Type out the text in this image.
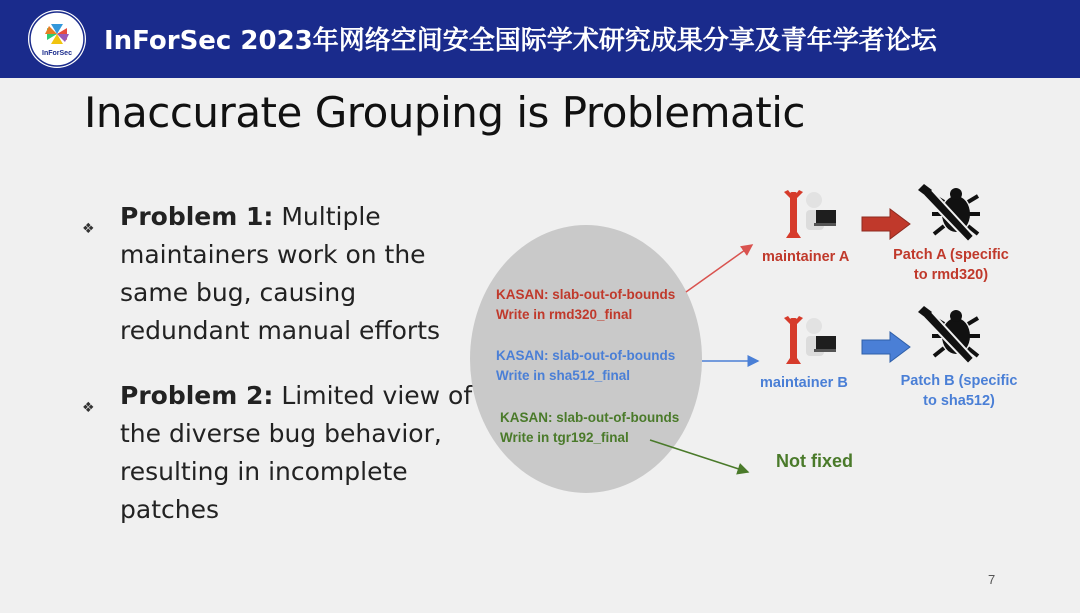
InForSec	InForSec 2023年网络空间安全国际学术研究成果分享及青年学者论坛
Inaccurate Grouping is Problematic
❖ Problem 1: Multiple maintainers work on the same bug, causing redundant manual efforts
❖ Problem 2: Limited view of the diverse bug behavior, resulting in incomplete patches
KASAN: slab-out-of-bounds
Write in rmd320_final
KASAN: slab-out-of-bounds
Write in sha512_final
KASAN: slab-out-of-bounds
Write in tgr192_final
maintainer A
maintainer B
Patch A (specific
to rmd320)
Patch B (specific
to sha512)
Not fixed
7
